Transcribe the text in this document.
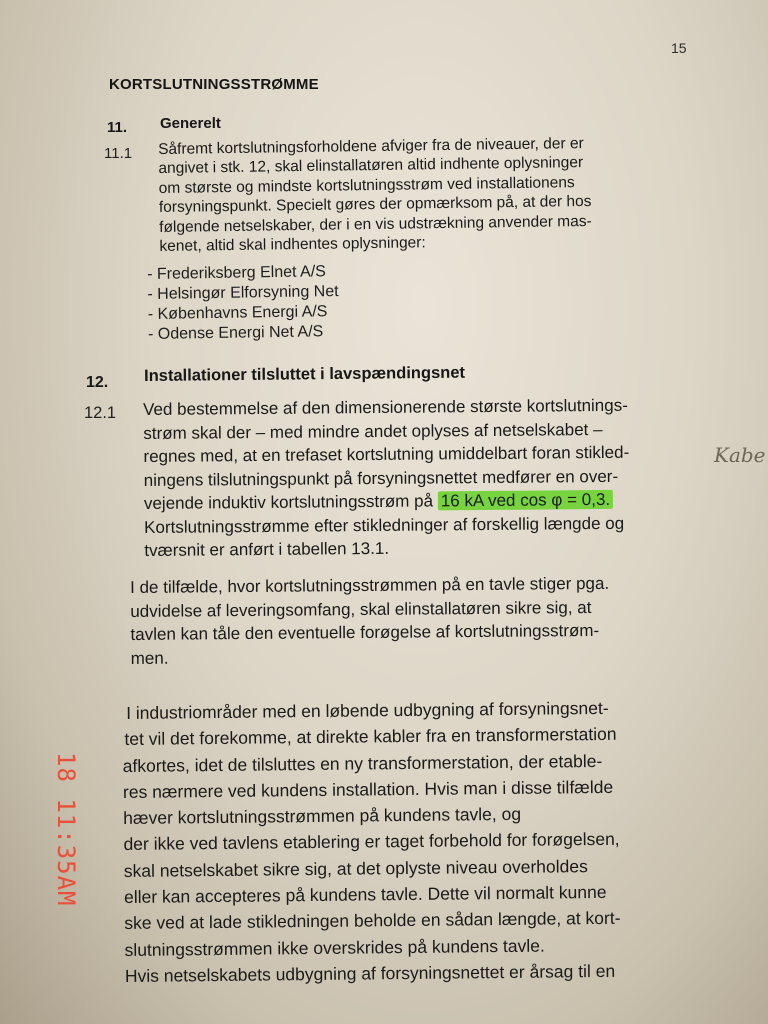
15
KORTSLUTNINGSSTRØMME
11. Generelt
11.1 Såfremt kortslutningsforholdene afviger fra de niveauer, der er
angivet i stk. 12, skal elinstallatøren altid indhente oplysninger
om største og mindste kortslutningsstrøm ved installationens
forsyningspunkt. Specielt gøres der opmærksom på, at der hos
følgende netselskaber, der i en vis udstrækning anvender mas-
kenet, altid skal indhentes oplysninger:
- Frederiksberg Elnet A/S
- Helsingør Elforsyning Net
- Københavns Energi A/S
- Odense Energi Net A/S
12. Installationer tilsluttet i lavspændingsnet
12.1 Ved bestemmelse af den dimensionerende største kortslutnings-
strøm skal der – med mindre andet oplyses af netselskabet –
regnes med, at en trefaset kortslutning umiddelbart foran stikled-
ningens tilslutningspunkt på forsyningsnettet medfører en over-
vejende induktiv kortslutningsstrøm på 16 kA ved cos φ = 0,3.
Kortslutningsstrømme efter stikledninger af forskellig længde og
tværsnit er anført i tabellen 13.1.
I de tilfælde, hvor kortslutningsstrømmen på en tavle stiger pga.
udvidelse af leveringsomfang, skal elinstallatøren sikre sig, at
tavlen kan tåle den eventuelle forøgelse af kortslutningsstrøm-
men.
I industriområder med en løbende udbygning af forsyningsnet-
tet vil det forekomme, at direkte kabler fra en transformerstation
afkortes, idet de tilsluttes en ny transformerstation, der etable-
res nærmere ved kundens installation. Hvis man i disse tilfælde
hæver kortslutningsstrømmen på kundens tavle, og
der ikke ved tavlens etablering er taget forbehold for forøgelsen,
skal netselskabet sikre sig, at det oplyste niveau overholdes
eller kan accepteres på kundens tavle. Dette vil normalt kunne
ske ved at lade stikledningen beholde en sådan længde, at kort-
slutningsstrømmen ikke overskrides på kundens tavle.
Hvis netselskabets udbygning af forsyningsnettet er årsag til en
Kabe
18 11:35AM
